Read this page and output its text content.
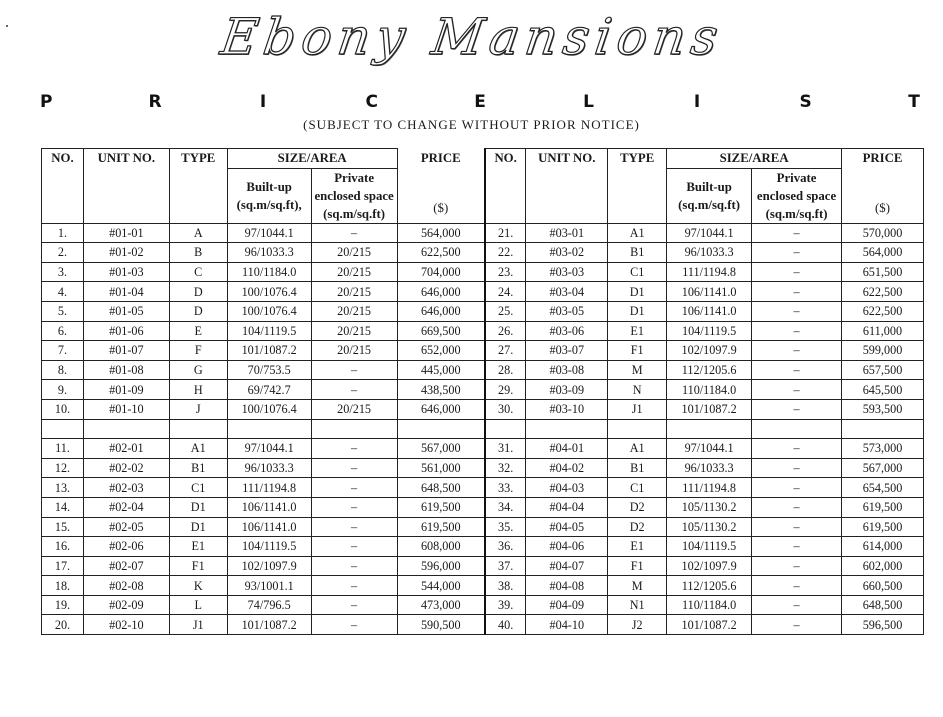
Ebony Mansions
P	R	I	C	E	L	I	S	T
(SUBJECT TO CHANGE WITHOUT PRIOR NOTICE)
NO.	UNIT NO.	TYPE	SIZE/AREA		PRICE	NO.	UNIT NO.	TYPE	SIZE/AREA		PRICE
			Built-up (sq.m/sq.ft),	Private enclosed space (sq.m/sq.ft)	($)				Built-up (sq.m/sq.ft)	Private enclosed space (sq.m/sq.ft)	($)
1.	#01-01	A	97/1044.1	–	564,000	21.	#03-01	A1	97/1044.1	–	570,000
2.	#01-02	B	96/1033.3	20/215	622,500	22.	#03-02	B1	96/1033.3	–	564,000
3.	#01-03	C	110/1184.0	20/215	704,000	23.	#03-03	C1	111/1194.8	–	651,500
4.	#01-04	D	100/1076.4	20/215	646,000	24.	#03-04	D1	106/1141.0	–	622,500
5.	#01-05	D	100/1076.4	20/215	646,000	25.	#03-05	D1	106/1141.0	–	622,500
6.	#01-06	E	104/1119.5	20/215	669,500	26.	#03-06	E1	104/1119.5	–	611,000
7.	#01-07	F	101/1087.2	20/215	652,000	27.	#03-07	F1	102/1097.9	–	599,000
8.	#01-08	G	70/753.5	–	445,000	28.	#03-08	M	112/1205.6	–	657,500
9.	#01-09	H	69/742.7	–	438,500	29.	#03-09	N	110/1184.0	–	645,500
10.	#01-10	J	100/1076.4	20/215	646,000	30.	#03-10	J1	101/1087.2	–	593,500

11.	#02-01	A1	97/1044.1	–	567,000	31.	#04-01	A1	97/1044.1	–	573,000
12.	#02-02	B1	96/1033.3	–	561,000	32.	#04-02	B1	96/1033.3	–	567,000
13.	#02-03	C1	111/1194.8	–	648,500	33.	#04-03	C1	111/1194.8	–	654,500
14.	#02-04	D1	106/1141.0	–	619,500	34.	#04-04	D2	105/1130.2	–	619,500
15.	#02-05	D1	106/1141.0	–	619,500	35.	#04-05	D2	105/1130.2	–	619,500
16.	#02-06	E1	104/1119.5	–	608,000	36.	#04-06	E1	104/1119.5	–	614,000
17.	#02-07	F1	102/1097.9	–	596,000	37.	#04-07	F1	102/1097.9	–	602,000
18.	#02-08	K	93/1001.1	–	544,000	38.	#04-08	M	112/1205.6	–	660,500
19.	#02-09	L	74/796.5	–	473,000	39.	#04-09	N1	110/1184.0	–	648,500
20.	#02-10	J1	101/1087.2	–	590,500	40.	#04-10	J2	101/1087.2	–	596,500
